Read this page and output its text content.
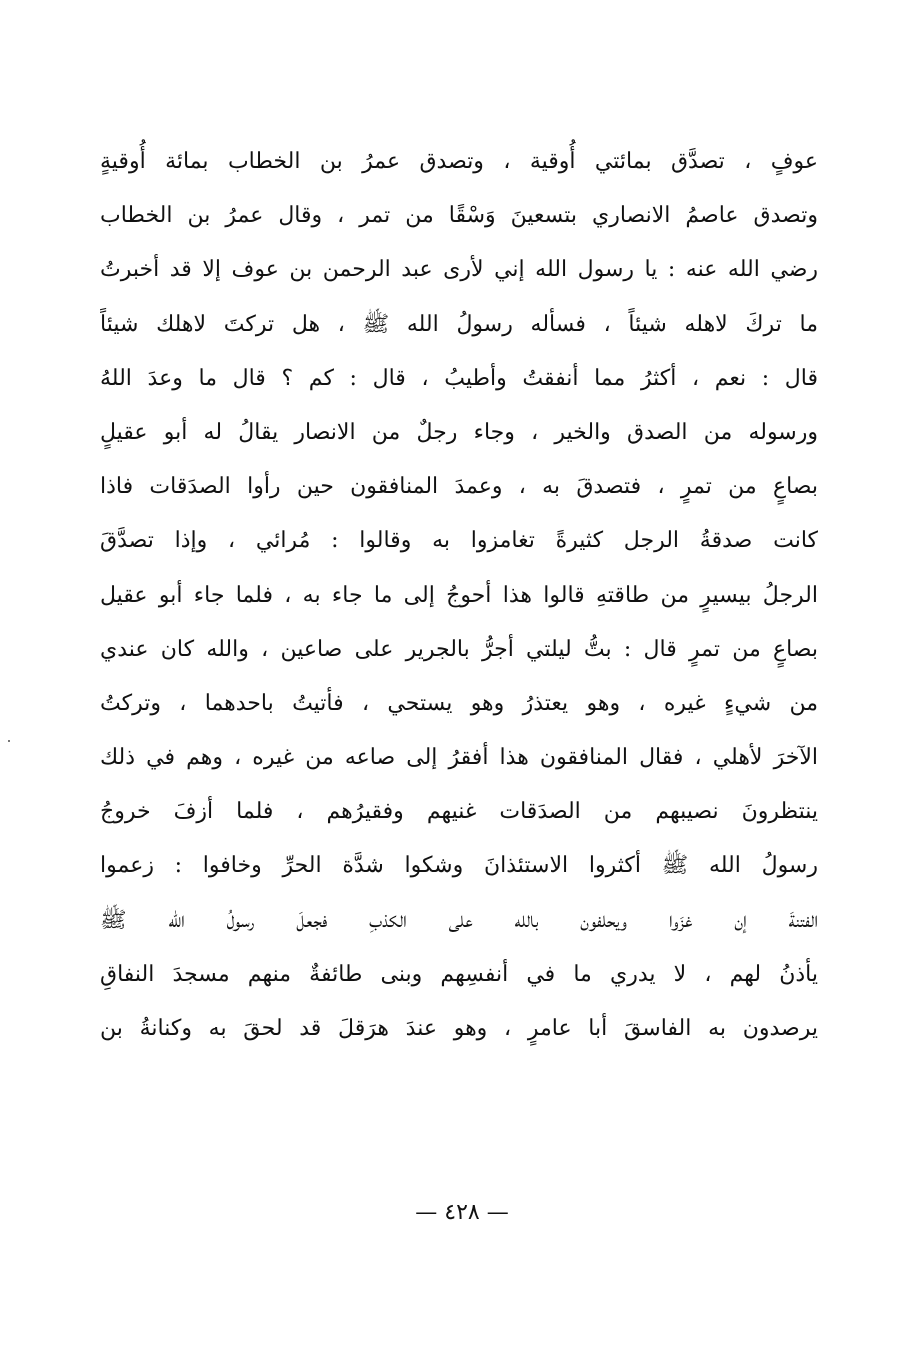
عوفٍ ، تصدَّق بمائتي أُوقية ، وتصدق عمرُ بن الخطاب بمائة أُوقيةٍ
وتصدق عاصمُ الانصاري بتسعينَ وَسْقًا من تمر ، وقال عمرُ بن الخطاب
رضي الله عنه : يا رسول الله إني لأرى عبد الرحمن بن عوف إلا قد أخبرتُ
ما تركَ لاهله شيئاً ، فسأله رسولُ الله ﷺ ، هل تركتَ لاهلك شيئاً
قال : نعم ، أكثرُ مما أنفقتُ وأطيبُ ، قال : كم ؟ قال ما وعدَ اللهُ
ورسوله من الصدق والخير ، وجاء رجلٌ من الانصار يقالُ له أبو عقيلٍ
بصاعٍ من تمرٍ ، فتصدقَ به ، وعمدَ المنافقون حين رأوا الصدَقات فاذا
كانت صدقةُ الرجل كثيرةً تغامزوا به وقالوا : مُرائي ، وإذا تصدَّقَ
الرجلُ بيسيرٍ من طاقتهِ قالوا هذا أحوجُ إلى ما جاء به ، فلما جاء أبو عقيل
بصاعٍ من تمرٍ قال : بتُّ ليلتي أجرُّ بالجرير على صاعين ، والله كان عندي
من شيءٍ غيره ، وهو يعتذرُ وهو يستحي ، فأتيتُ باحدهما ، وتركتُ
الآخرَ لأهلي ، فقال المنافقون هذا أفقرُ إلى صاعه من غيره ، وهم في ذلك
ينتظرونَ نصيبهم من الصدَقات غنيهم وفقيرُهم ، فلما أزفَ خروجُ
رسولُ الله ﷺ أكثروا الاستئذانَ وشكوا شدَّة الحرِّ وخافوا : زعموا
الفتنةَ إن غزَوا ويحلفون بالله على الكذبِ فجعلَ رسولُ الله ﷺ
يأذنُ لهم ، لا يدري ما في أنفسِهم وبنى طائفةٌ منهم مسجدَ النفاقِ
يرصدون به الفاسقَ أبا عامرٍ ، وهو عندَ هرَقلَ قد لحقَ به وكنانةُ بن
— ٤٢٨ —
